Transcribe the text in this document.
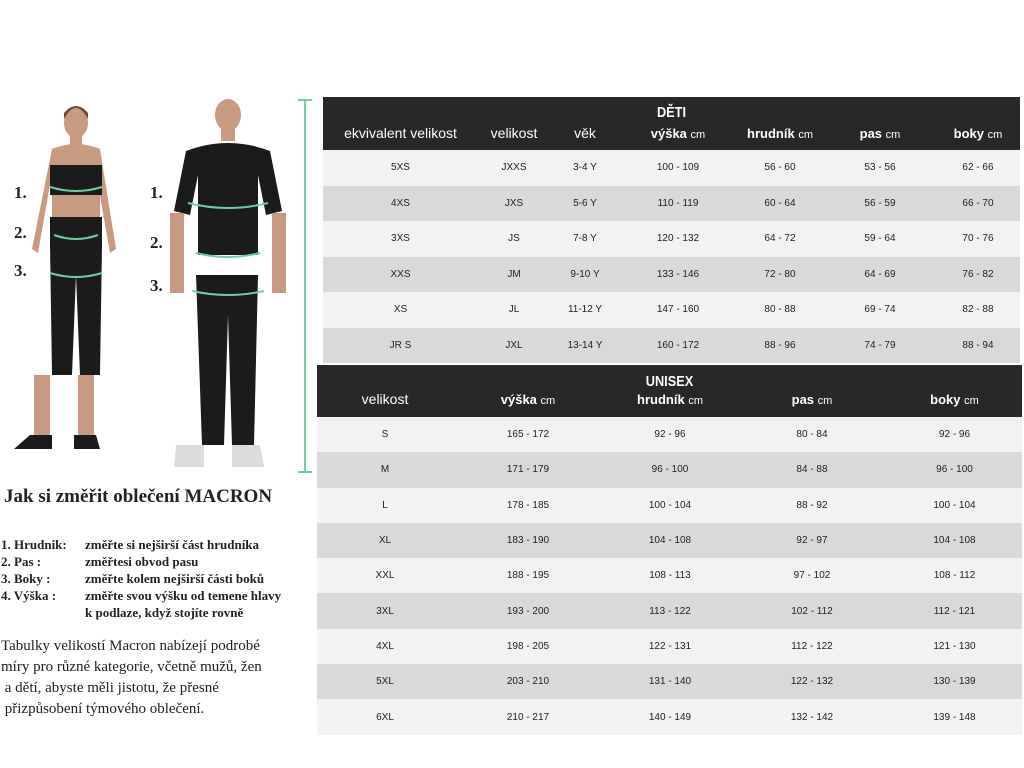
1.
2.
3.
1.
2.
3.
DĚTI
ekvivalent velikost	velikost	věk	výška cm	hrudník cm	pas cm	boky cm
5XS	JXXS	3-4 Y	100 - 109	56 - 60	53 - 56	62 - 66
4XS	JXS	5-6 Y	110 - 119	60 - 64	56 - 59	66 - 70
3XS	JS	7-8 Y	120 - 132	64 - 72	59 - 64	70 - 76
XXS	JM	9-10 Y	133 - 146	72 - 80	64 - 69	76 - 82
XS	JL	11-12 Y	147 - 160	80 - 88	69 - 74	82 - 88
JR S	JXL	13-14 Y	160 - 172	88 - 96	74 - 79	88 - 94
UNISEX
velikost	výška cm	hrudník cm	pas cm	boky cm
S	165 - 172	92 - 96	80 - 84	92 - 96
M	171 - 179	96 - 100	84 - 88	96 - 100
L	178 - 185	100 - 104	88 - 92	100 - 104
XL	183 - 190	104 - 108	92 - 97	104 - 108
XXL	188 - 195	108 - 113	97 - 102	108 - 112
3XL	193 - 200	113 - 122	102 - 112	112 - 121
4XL	198 - 205	122 - 131	112 - 122	121 - 130
5XL	203 - 210	131 - 140	122 - 132	130 - 139
6XL	210 - 217	140 - 149	132 - 142	139 - 148
Jak si změřit oblečení MACRON
1. Hrudnik:	změřte si nejširší část hrudníka
2. Pas :	změřtesi obvod pasu
3. Boky :	změřte kolem nejširší části boků
4. Výška :	změřte svou výšku od temene hlavy
k podlaze, když stojíte rovně
Tabulky velikostí Macron nabízejí podrobé
míry pro různé kategorie, včetně mužů, žen
a dětí, abyste měli jistotu, že přesné
přizpůsobení týmového oblečení.
